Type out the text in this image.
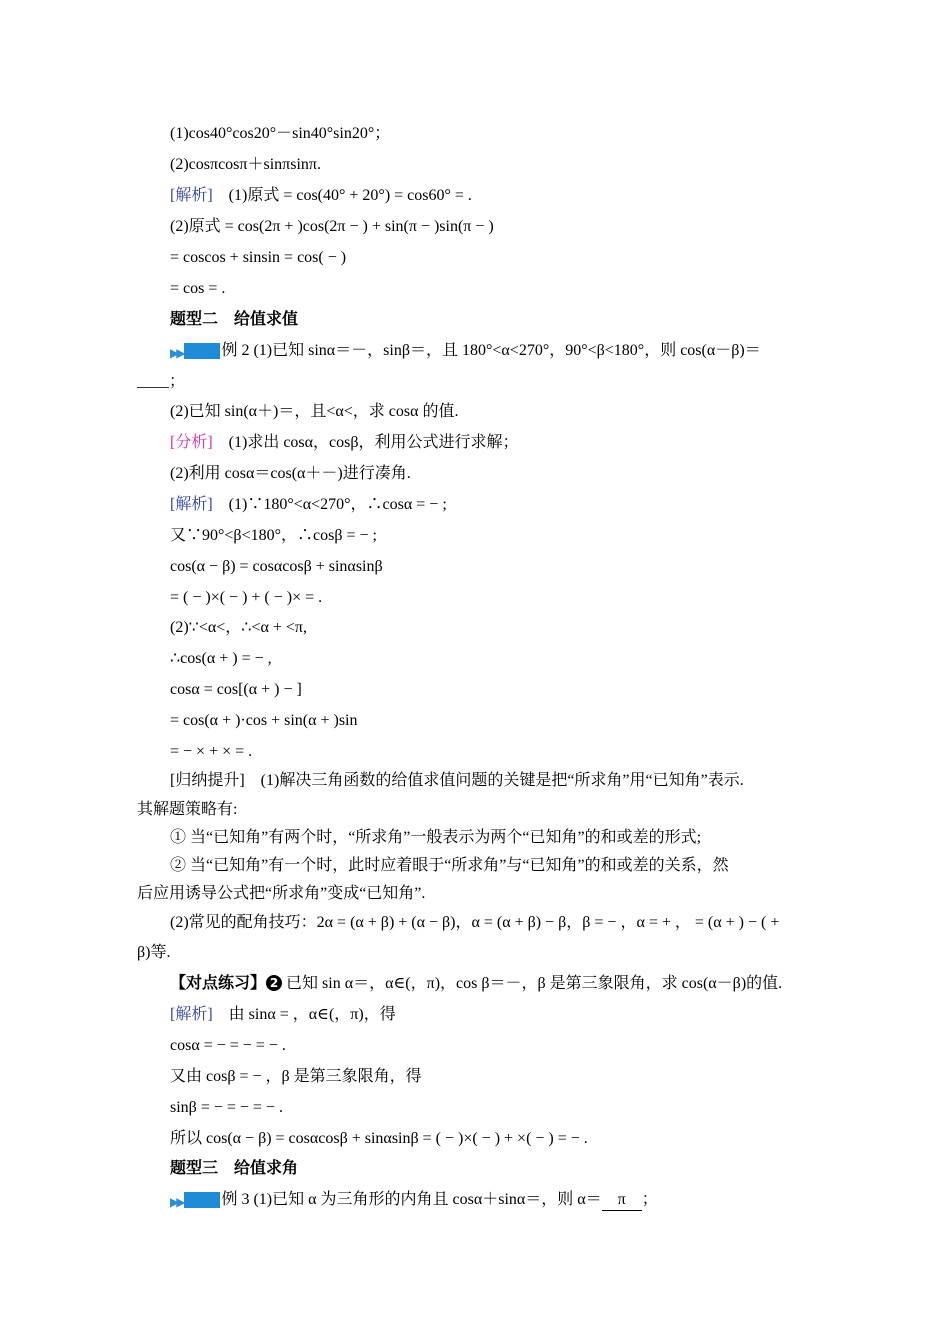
(1)cos40°cos20°－sin40°sin20°；
(2)cosπcosπ＋sinπsinπ.
[解析]　(1)原式 = cos(40° + 20°) = cos60° = .
(2)原式 = cos(2π + )cos(2π − ) + sin(π − )sin(π − )
= coscos + sinsin = cos( − )
= cos = .
题型二　给值求值
▶▶ 例 2 (1)已知 sinα＝－，sinβ＝，且 180°<α<270°，90°<β<180°，则 cos(α－β)＝
____；
(2)已知 sin(α＋)＝，且<α<，求 cosα 的值.
[分析]　(1)求出 cosα，cosβ，利用公式进行求解；
(2)利用 cosα＝cos(α＋－)进行凑角.
[解析]　(1)∵180°<α<270°，∴cosα = − ;
又∵90°<β<180°，∴cosβ = − ;
cos(α − β) = cosαcosβ + sinαsinβ
= ( − )×( − ) + ( − )× = .
(2)∵<α<，∴<α + <π,
∴cos(α + ) = − ,
cosα = cos[(α + ) − ]
= cos(α + )·cos + sin(α + )sin
= − × + × = .
[归纳提升]　(1)解决三角函数的给值求值问题的关键是把“所求角”用“已知角”表示.
其解题策略有:
① 当“已知角”有两个时，“所求角”一般表示为两个“已知角”的和或差的形式;
② 当“已知角”有一个时，此时应着眼于“所求角”与“已知角”的和或差的关系，然
后应用诱导公式把“所求角”变成“已知角”.
(2)常见的配角技巧：2α = (α + β) + (α − β)，α = (α + β) − β，β = − ，α = + ， = (α + ) − ( +
β)等.
【对点练习】 2 已知 sin α＝，α∈(，π)，cos β＝－，β 是第三象限角，求 cos(α－β)的值.
[解析]　由 sinα = ，α∈(，π)，得
cosα = − = − = − .
又由 cosβ = − ，β 是第三象限角，得
sinβ = − = − = − .
所以 cos(α − β) = cosαcosβ + sinαsinβ = ( − )×( − ) + ×( − ) = − .
题型三　给值求角
▶▶ 例 3 (1)已知 α 为三角形的内角且 cosα＋sinα＝，则 α＝　π　；
